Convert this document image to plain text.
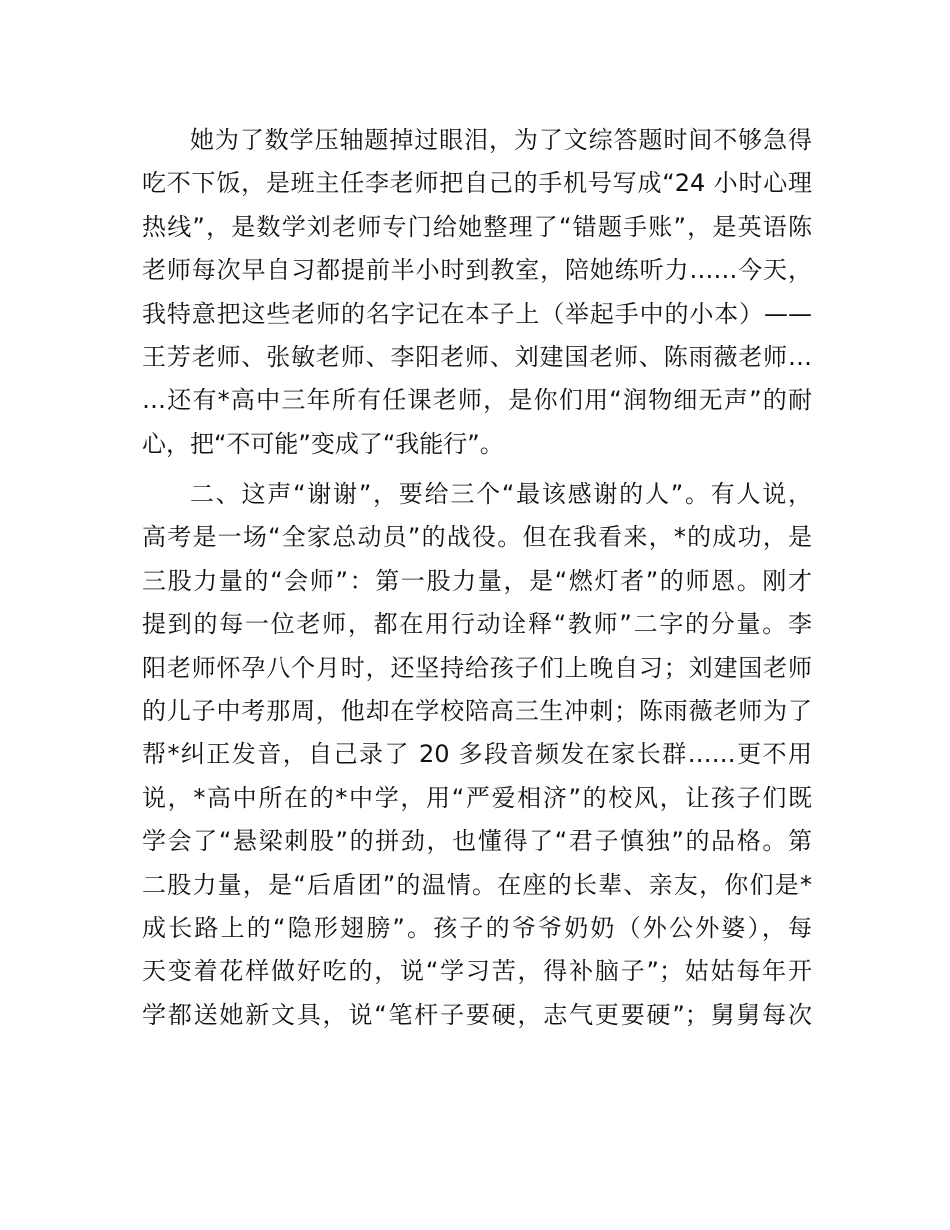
她为了数学压轴题掉过眼泪，为了文综答题时间不够急得
吃不下饭，是班主任李老师把自己的手机号写成“24 小时心理
热线”，是数学刘老师专门给她整理了“错题手账”，是英语陈
老师每次早自习都提前半小时到教室，陪她练听力……今天，
我特意把这些老师的名字记在本子上（举起手中的小本）——
王芳老师、张敏老师、李阳老师、刘建国老师、陈雨薇老师…
…还有*高中三年所有任课老师，是你们用“润物细无声”的耐
心，把“不可能”变成了“我能行”。
二、这声“谢谢”，要给三个“最该感谢的人”。有人说，
高考是一场“全家总动员”的战役。但在我看来，*的成功，是
三股力量的“会师”：第一股力量，是“燃灯者”的师恩。刚才
提到的每一位老师，都在用行动诠释“教师”二字的分量。李
阳老师怀孕八个月时，还坚持给孩子们上晚自习；刘建国老师
的儿子中考那周，他却在学校陪高三生冲刺；陈雨薇老师为了
帮*纠正发音，自己录了 20 多段音频发在家长群……更不用
说，*高中所在的*中学，用“严爱相济”的校风，让孩子们既
学会了“悬梁刺股”的拼劲，也懂得了“君子慎独”的品格。第
二股力量，是“后盾团”的温情。在座的长辈、亲友，你们是*
成长路上的“隐形翅膀”。孩子的爷爷奶奶（外公外婆），每
天变着花样做好吃的，说“学习苦，得补脑子”；姑姑每年开
学都送她新文具，说“笔杆子要硬，志气更要硬”；舅舅每次
